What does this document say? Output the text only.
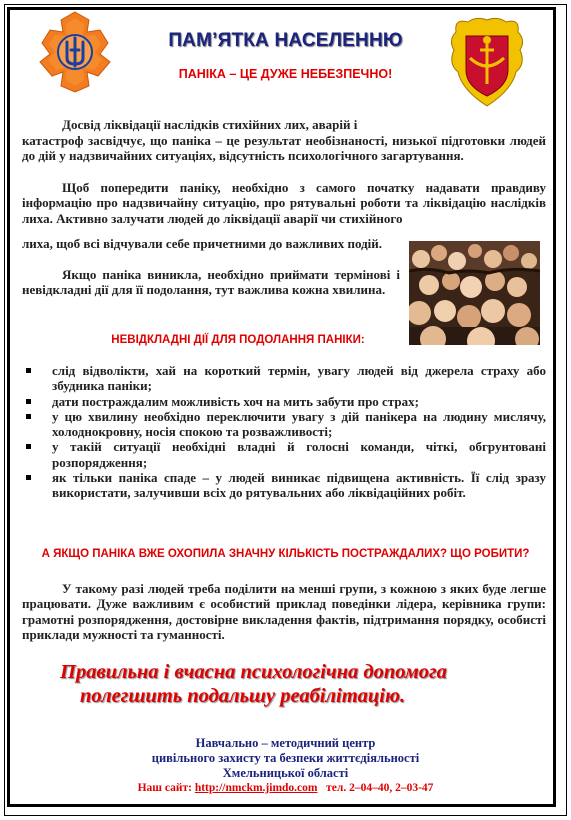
ПАМ’ЯТКА НАСЕЛЕННЮ
ПАНІКА – ЦЕ ДУЖЕ НЕБЕЗПЕЧНО!
Досвід ліквідації наслідків стихійних лих, аварій і
катастроф засвідчує, що паніка – це результат необізнаності, низької підготовки людей до дій у надзвичайних ситуаціях, відсутність психологічного загартування.
Щоб попередити паніку, необхідно з самого початку надавати правдиву інформацію про надзвичайну ситуацію, про рятувальні роботи та ліквідацію наслідків лиха. Активно залучати людей до ліквідації аварії чи стихійного
лиха, щоб всі відчували себе причетними до важливих подій.
Якщо паніка виникла, необхідно приймати термінові і невідкладні дії для її подолання, тут важлива кожна хвилина.
НЕВІДКЛАДНІ ДІЇ ДЛЯ ПОДОЛАННЯ ПАНІКИ:
слід відволікти, хай на короткий термін, увагу людей від джерела страху або збудника паніки;
дати постраждалим можливість хоч на мить забути про страх;
у цю хвилину необхідно переключити увагу з дій панікера на людину мислячу, холоднокровну, носія спокою та розважливості;
у такій ситуації необхідні владні й голосні команди, чіткі, обгрунтовані розпорядження;
як тільки паніка спаде – у людей виникає підвищена активність. Її слід зразу використати, залучивши всіх до рятувальних або ліквідаційних робіт.
А ЯКЩО ПАНІКА ВЖЕ ОХОПИЛА ЗНАЧНУ КІЛЬКІСТЬ ПОСТРАЖДАЛИХ? ЩО РОБИТИ?
У такому разі людей треба поділити на менші групи, з кожною з яких буде легше працювати. Дуже важливим є особистий приклад поведінки лідера, керівника групи: грамотні розпорядження, достовірне викладення фактів, підтримання порядку, особисті приклади мужності та гуманності.
Правильна і вчасна психологічна допомога
полегшить подальшу реабілітацію.
Навчально – методичний центр
цивільного захисту та безпеки життєдіяльності
Хмельницької області
Наш сайт: http://nmckm.jimdo.com тел. 2–04–40, 2–03-47
